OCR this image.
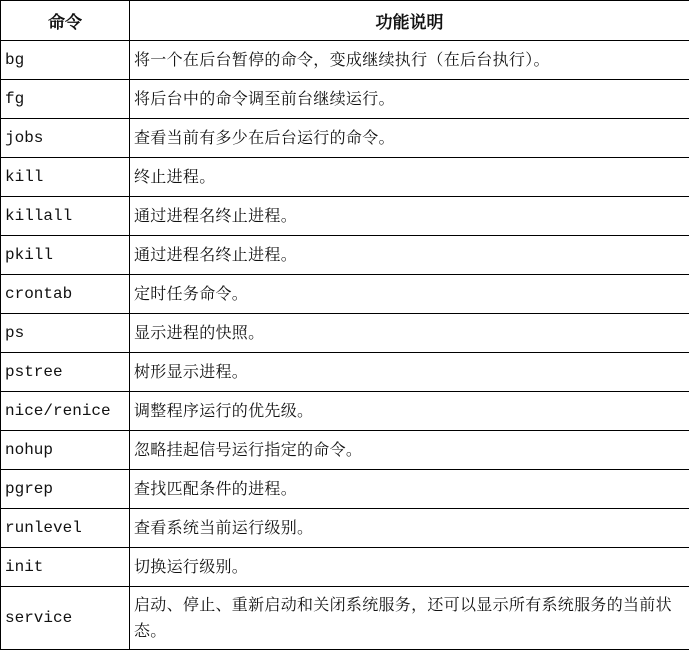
命令	功能说明
bg	将一个在后台暂停的命令，变成继续执行（在后台执行）。
fg	将后台中的命令调至前台继续运行。
jobs	查看当前有多少在后台运行的命令。
kill	终止进程。
killall	通过进程名终止进程。
pkill	通过进程名终止进程。
crontab	定时任务命令。
ps	显示进程的快照。
pstree	树形显示进程。
nice/renice	调整程序运行的优先级。
nohup	忽略挂起信号运行指定的命令。
pgrep	查找匹配条件的进程。
runlevel	查看系统当前运行级别。
init	切换运行级别。
service	启动、停止、重新启动和关闭系统服务，还可以显示所有系统服务的当前状态。
